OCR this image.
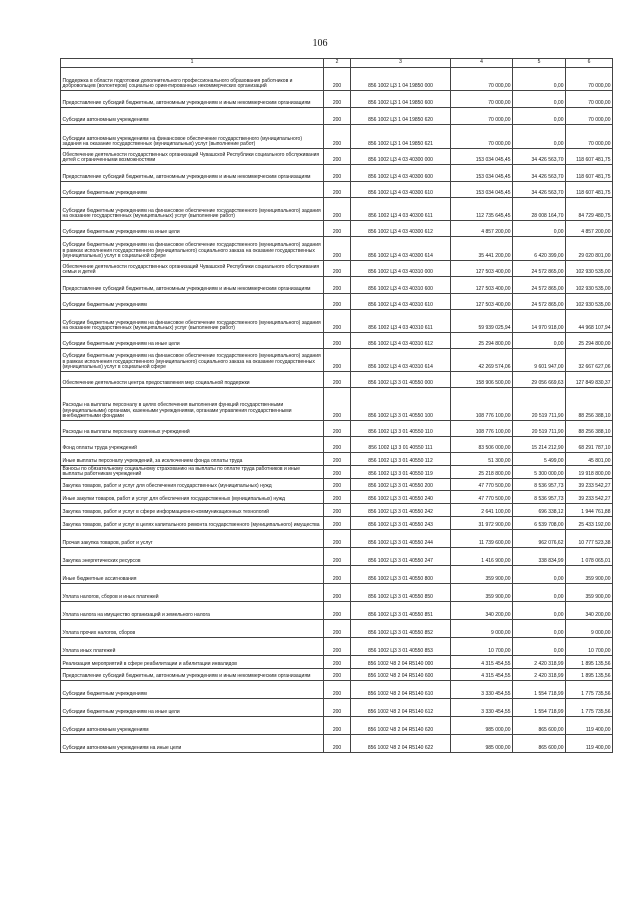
106
1	2	3	4	5	6
Поддержка в области подготовки дополнительного профессионального образования работников и добровольцев (волонтеров) социально ориентированных некоммерческих организаций	200	856 1002 Ц3 1 04 19850 000	70 000,00	0,00	70 000,00
Предоставление субсидий бюджетным, автономным учреждениям и иным некоммерческим организациям	200	856 1002 Ц3 1 04 19850 600	70 000,00	0,00	70 000,00
Субсидии автономным учреждениям	200	856 1002 Ц3 1 04 19850 620	70 000,00	0,00	70 000,00
Субсидии автономным учреждениям на финансовое обеспечение государственного (муниципального) задания на оказание государственных (муниципальных) услуг (выполнение работ)	200	856 1002 Ц3 1 04 19850 621	70 000,00	0,00	70 000,00
Обеспечение деятельности государственных организаций Чувашской Республики социального обслуживания детей с ограниченными возможностями	200	856 1002 Ц3 4 03 40300 000	153 034 045,45	34 426 563,70	118 607 481,75
Предоставление субсидий бюджетным, автономным учреждениям и иным некоммерческим организациям	200	856 1002 Ц3 4 03 40300 600	153 034 045,45	34 426 563,70	118 607 481,75
Субсидии бюджетным учреждениям	200	856 1002 Ц3 4 03 40300 610	153 034 045,45	34 426 563,70	118 607 481,75
Субсидии бюджетным учреждениям на финансовое обеспечение государственного (муниципального) задания на оказание государственных (муниципальных) услуг (выполнение работ)	200	856 1002 Ц3 4 03 40300 611	112 735 645,45	28 008 164,70	84 729 480,75
Субсидии бюджетным учреждениям на иные цели	200	856 1002 Ц3 4 03 40300 612	4 857 200,00	0,00	4 857 200,00
Субсидии бюджетным учреждениям на финансовое обеспечение государственного (муниципального) задания в рамках исполнения государственного (муниципального) социального заказа на оказание государственных (муниципальных) услуг в социальной сфере	200	856 1002 Ц3 4 03 40300 614	35 441 200,00	6 420 399,00	29 020 801,00
Обеспечение деятельности государственных организаций Чувашской Республики социального обслуживания семьи и детей	200	856 1002 Ц3 4 03 40310 000	127 503 400,00	24 572 865,00	102 930 535,00
Предоставление субсидий бюджетным, автономным учреждениям и иным некоммерческим организациям	200	856 1002 Ц3 4 03 40310 600	127 503 400,00	24 572 865,00	102 930 535,00
Субсидии бюджетным учреждениям	200	856 1002 Ц3 4 03 40310 610	127 503 400,00	24 572 865,00	102 930 535,00
Субсидии бюджетным учреждениям на финансовое обеспечение государственного (муниципального) задания на оказание государственных (муниципальных) услуг (выполнение работ)	200	856 1002 Ц3 4 03 40310 611	59 939 025,94	14 970 918,00	44 968 107,94
Субсидии бюджетным учреждениям на иные цели	200	856 1002 Ц3 4 03 40310 612	25 294 800,00	0,00	25 294 800,00
Субсидии бюджетным учреждениям на финансовое обеспечение государственного (муниципального) задания в рамках исполнения государственного (муниципального) социального заказа на оказание государственных (муниципальных) услуг в социальной сфере	200	856 1002 Ц3 4 03 40310 614	42 269 574,06	9 601 947,00	32 667 627,06
Обеспечение деятельности центра предоставления мер социальной поддержки	200	856 1002 Ц3 3 01 40550 000	158 906 500,00	29 056 669,63	127 849 830,37
Расходы на выплаты персоналу в целях обеспечения выполнения функций государственными (муниципальными) органами, казенными учреждениями, органами управления государственными внебюджетными фондами	200	856 1002 Ц3 3 01 40550 100	108 776 100,00	20 519 711,90	88 256 388,10
Расходы на выплаты персоналу казенных учреждений	200	856 1002 Ц3 3 01 40550 110	108 776 100,00	20 519 711,90	88 256 388,10
Фонд оплаты труда учреждений	200	856 1002 Ц3 3 01 40550 111	83 506 000,00	15 214 212,90	68 291 787,10
Иные выплаты персоналу учреждений, за исключением фонда оплаты труда	200	856 1002 Ц3 3 01 40550 112	51 300,00	5 499,00	45 801,00
Взносы по обязательному социальному страхованию на выплаты по оплате труда работников и иные выплаты работникам учреждений	200	856 1002 Ц3 3 01 40550 119	25 218 800,00	5 300 000,00	19 918 800,00
Закупка товаров, работ и услуг для обеспечения государственных (муниципальных) нужд	200	856 1002 Ц3 3 01 40550 200	47 770 500,00	8 536 957,73	39 233 542,27
Иные закупки товаров, работ и услуг для обеспечения государственных (муниципальных) нужд	200	856 1002 Ц3 3 01 40550 240	47 770 500,00	8 536 957,73	39 233 542,27
Закупка товаров, работ и услуг в сфере информационно-коммуникационных технологий	200	856 1002 Ц3 3 01 40550 242	2 641 100,00	696 338,12	1 944 761,88
Закупка товаров, работ и услуг в целях капитального ремонта государственного (муниципального) имущества	200	856 1002 Ц3 3 01 40550 243	31 972 900,00	6 539 708,00	25 433 192,00
Прочая закупка товаров, работ и услуг	200	856 1002 Ц3 3 01 40550 244	11 739 600,00	962 076,62	10 777 523,38
Закупка энергетических ресурсов	200	856 1002 Ц3 3 01 40550 247	1 416 900,00	338 834,99	1 078 065,01
Иные бюджетные ассигнования	200	856 1002 Ц3 3 01 40550 800	359 900,00	0,00	359 900,00
Уплата налогов, сборов и иных платежей	200	856 1002 Ц3 3 01 40550 850	359 900,00	0,00	359 900,00
Уплата налога на имущество организаций и земельного налога	200	856 1002 Ц3 3 01 40550 851	340 200,00	0,00	340 200,00
Уплата прочих налогов, сборов	200	856 1002 Ц3 3 01 40550 852	9 000,00	0,00	9 000,00
Уплата иных платежей	200	856 1002 Ц3 3 01 40550 853	10 700,00	0,00	10 700,00
Реализация мероприятий в сфере реабилитации и абилитации инвалидов	200	856 1002 Ч8 2 04 R5140 000	4 315 454,55	2 420 318,99	1 895 135,56
Предоставление субсидий бюджетным, автономным учреждениям и иным некоммерческим организациям	200	856 1002 Ч8 2 04 R5140 600	4 315 454,55	2 420 318,99	1 895 135,56
Субсидии бюджетным учреждениям	200	856 1002 Ч8 2 04 R5140 610	3 330 454,55	1 554 718,99	1 775 735,56
Субсидии бюджетным учреждениям на иные цели	200	856 1002 Ч8 2 04 R5140 612	3 330 454,55	1 554 718,99	1 775 735,56
Субсидии автономным учреждениям	200	856 1002 Ч8 2 04 R5140 620	985 000,00	865 600,00	119 400,00
Субсидии автономным учреждениям на иные цели	200	856 1002 Ч8 2 04 R5140 622	985 000,00	865 600,00	119 400,00
